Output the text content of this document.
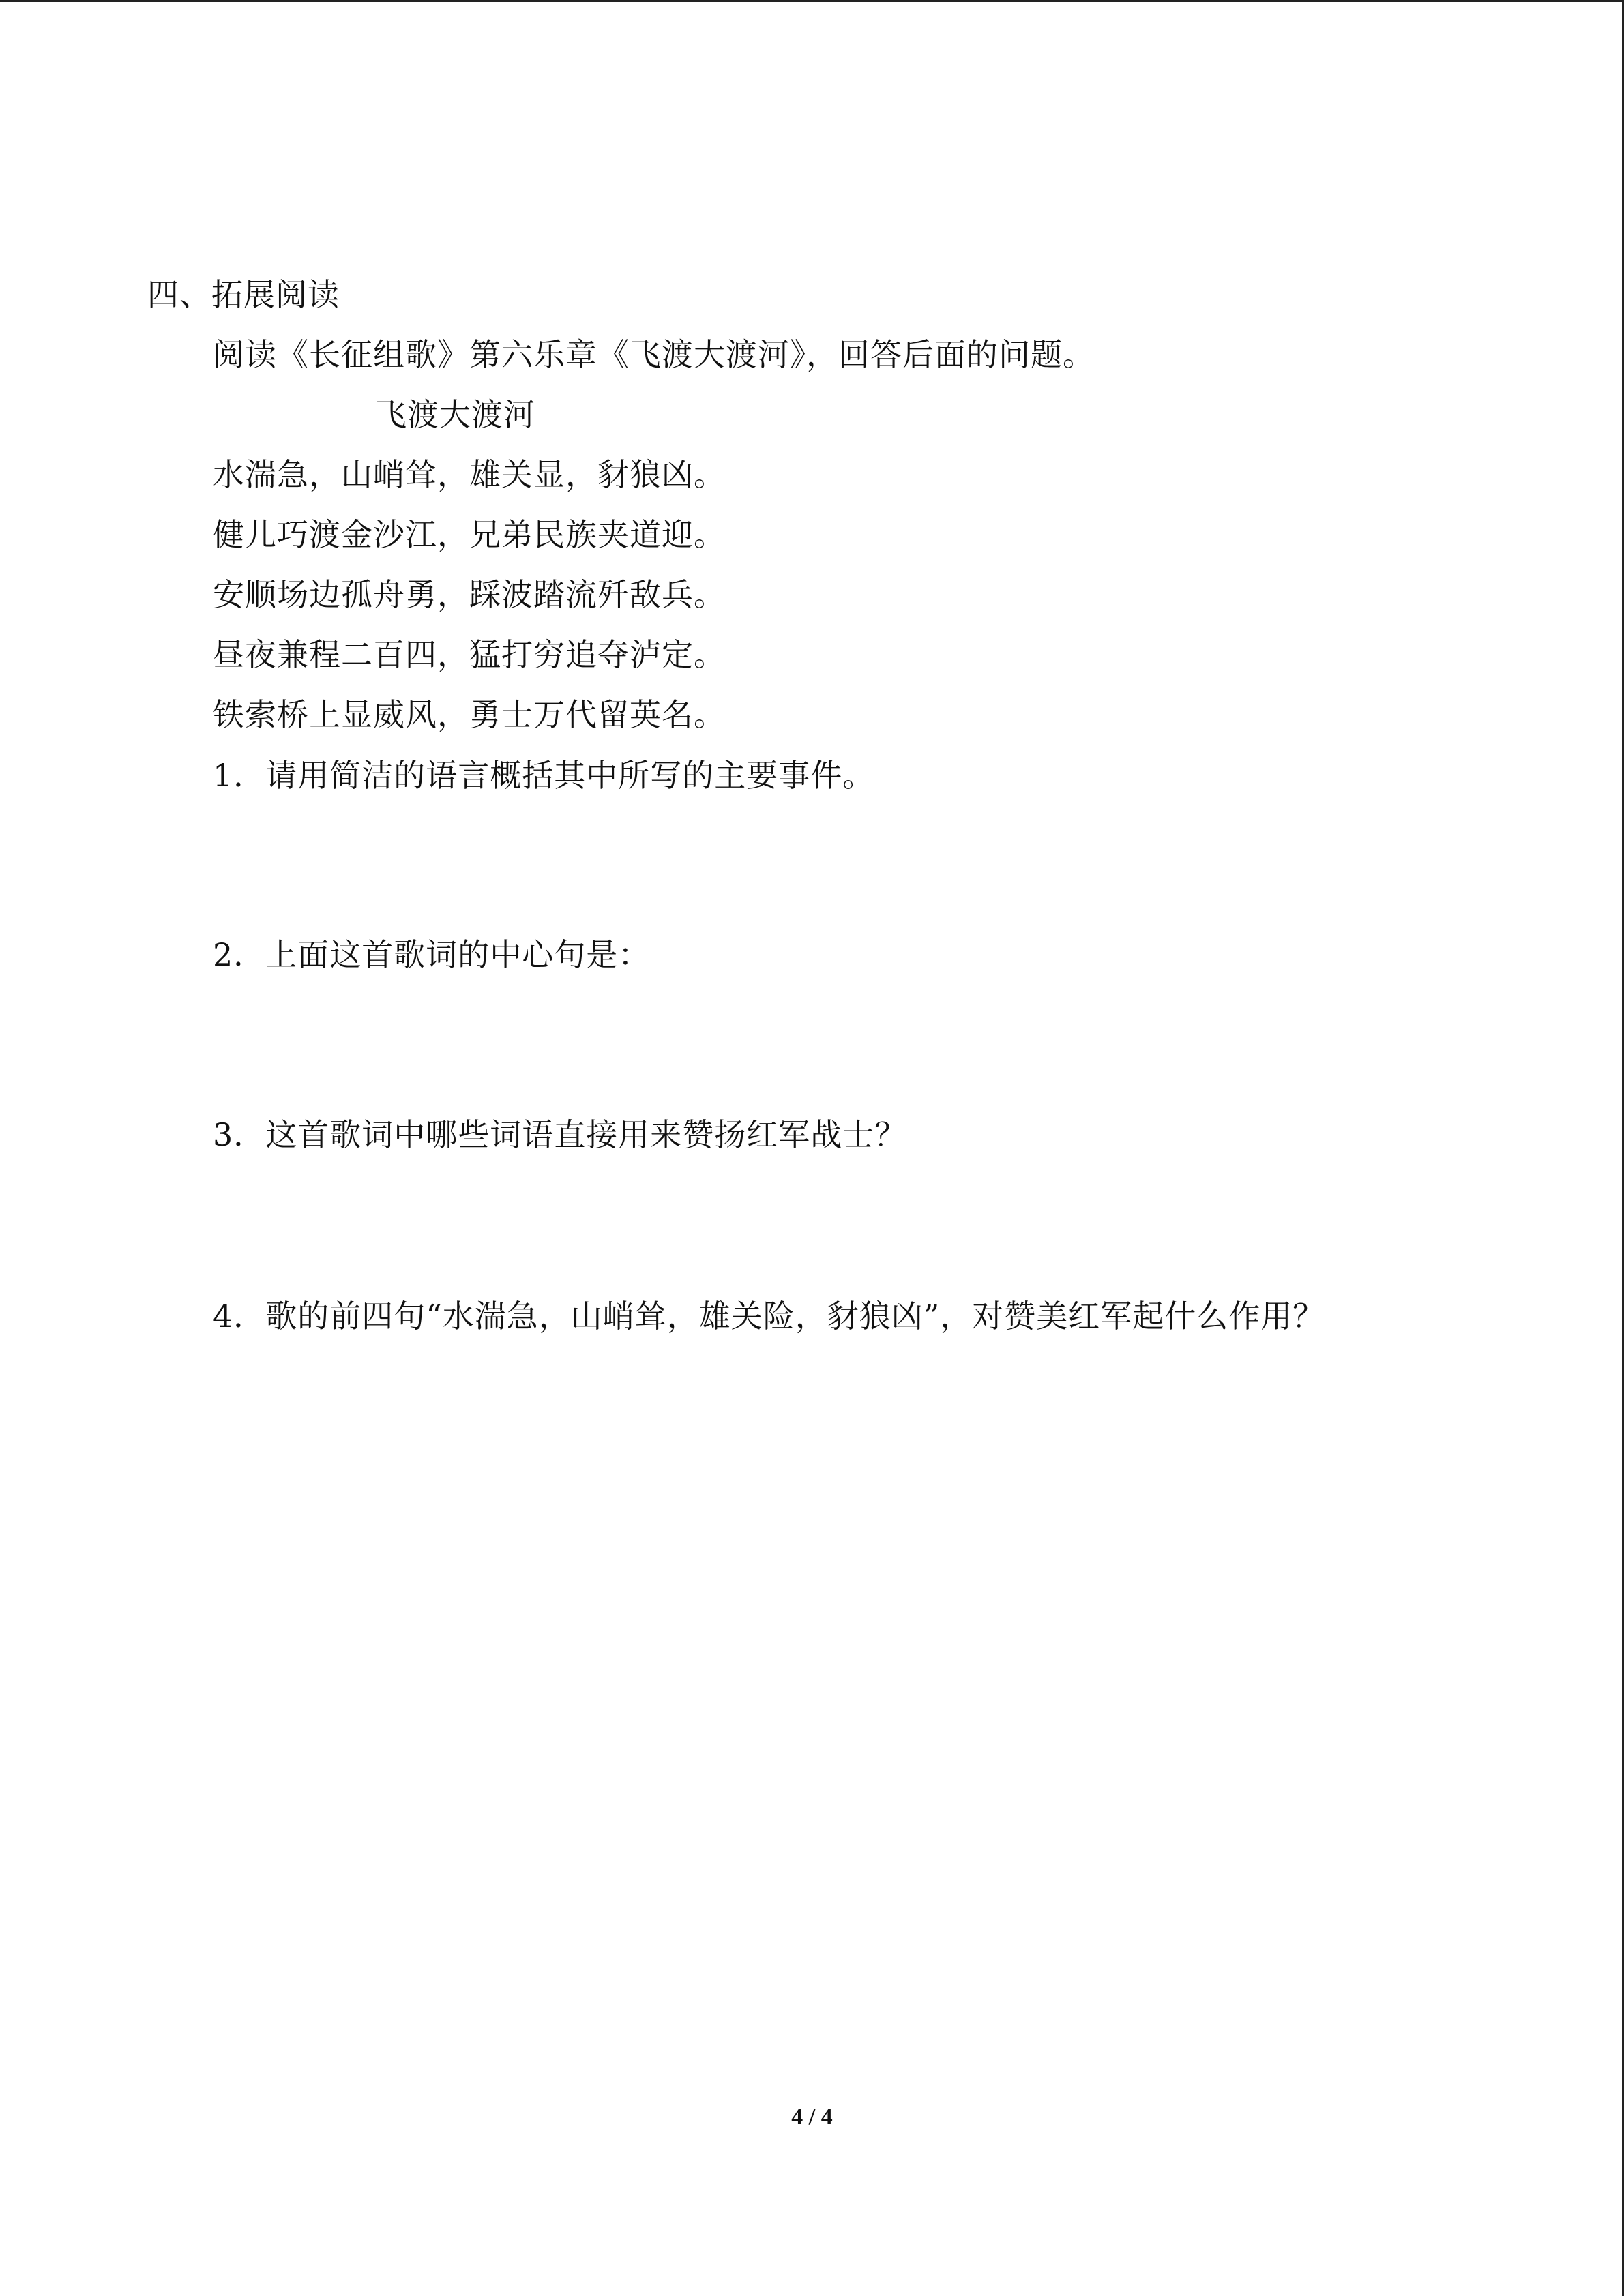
四、拓展阅读
阅读《长征组歌》第六乐章《飞渡大渡河》，回答后面的问题。
飞渡大渡河
水湍急，山峭耸，雄关显，豺狼凶。
健儿巧渡金沙江，兄弟民族夹道迎。
安顺场边孤舟勇，踩波踏流歼敌兵。
昼夜兼程二百四，猛打穷追夺泸定。
铁索桥上显威风，勇士万代留英名。
1．请用简洁的语言概括其中所写的主要事件。
2．上面这首歌词的中心句是：
3．这首歌词中哪些词语直接用来赞扬红军战士？
4．歌的前四句“水湍急，山峭耸，雄关险，豺狼凶”，对赞美红军起什么作用？
4 / 4
